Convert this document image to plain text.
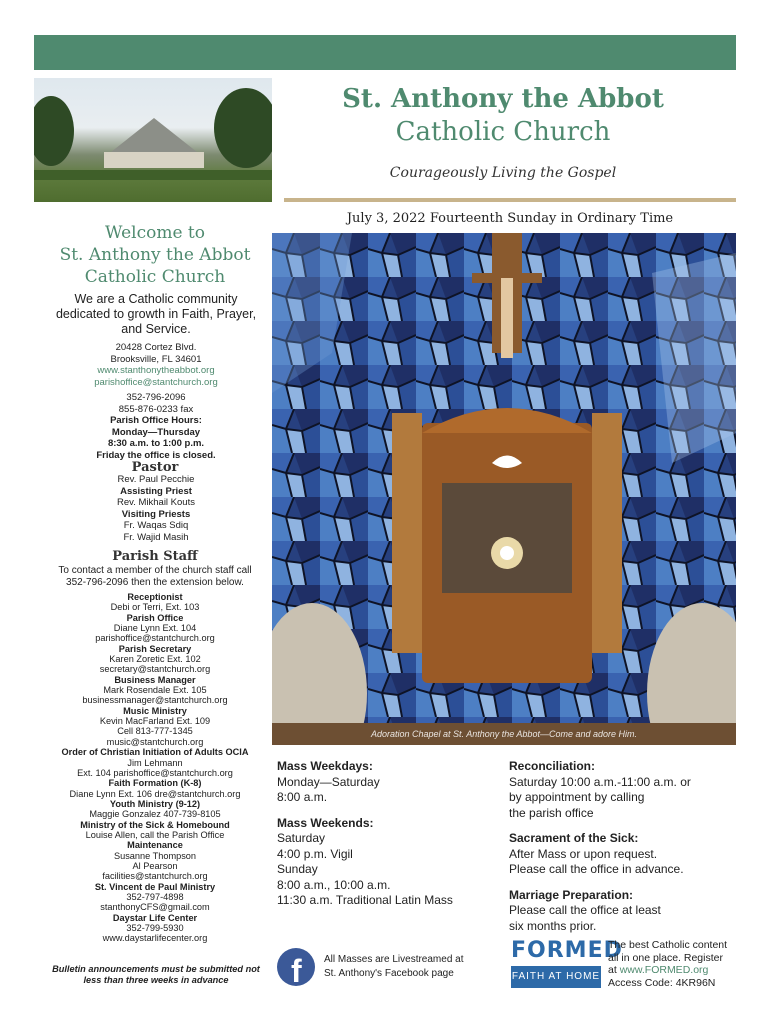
St. Anthony the Abbot
Catholic Church
Courageously Living the Gospel
July 3, 2022 Fourteenth Sunday in Ordinary Time
Welcome to
St. Anthony the Abbot
Catholic Church
We are a Catholic community dedicated to growth in Faith, Prayer, and Service.
20428 Cortez Blvd.
Brooksville, FL 34601
www.stanthonytheabbot.org
parishoffice@stantchurch.org
352-796-2096
855-876-0233 fax
Parish Office Hours:
Monday—Thursday
8:30 a.m. to 1:00 p.m.
Friday the office is closed.
Pastor
Rev. Paul Pecchie
Assisting Priest
Rev. Mikhail Kouts
Visiting Priests
Fr. Waqas Sdiq
Fr. Wajid Masih
Parish Staff
To contact a member of the church staff call 352-796-2096 then the extension below.
Receptionist
Debi or Terri, Ext. 103
Parish Office
Diane Lynn Ext. 104
parishoffice@stantchurch.org
Parish Secretary
Karen Zoretic Ext. 102
secretary@stantchurch.org
Business Manager
Mark Rosendale Ext. 105
businessmanager@stantchurch.org
Music Ministry
Kevin MacFarland Ext. 109
Cell 813-777-1345
music@stantchurch.org
Order of Christian Initiation of Adults OCIA
Jim Lehmann
Ext. 104 parishoffice@stantchurch.org
Faith Formation (K-8)
Diane Lynn Ext. 106 dre@stantchurch.org
Youth Ministry (9-12)
Maggie Gonzalez 407-739-8105
Ministry of the Sick & Homebound
Louise Allen, call the Parish Office
Maintenance
Susanne Thompson
Al Pearson
facilities@stantchurch.org
St. Vincent de Paul Ministry
352-797-4898
stanthonyCFS@gmail.com
Daystar Life Center
352-799-5930
www.daystarlifecenter.org
Bulletin announcements must be submitted not less than three weeks in advance
Adoration Chapel at St. Anthony the Abbot—Come and adore Him.
Mass Weekdays:
Monday—Saturday
8:00 a.m.
Mass Weekends:
Saturday
4:00 p.m. Vigil
Sunday
8:00 a.m., 10:00 a.m.
11:30 a.m. Traditional Latin Mass
Reconciliation:
Saturday 10:00 a.m.-11:00 a.m. or
by appointment by calling
the parish office
Sacrament of the Sick:
After Mass or upon request.
Please call the office in advance.
Marriage Preparation:
Please call the office at least
six months prior.
f All Masses are Livestreamed at
St. Anthony's Facebook page
FORMED
FAITH AT HOME
The best Catholic content
all in one place. Register
at www.FORMED.org
Access Code: 4KR96N
